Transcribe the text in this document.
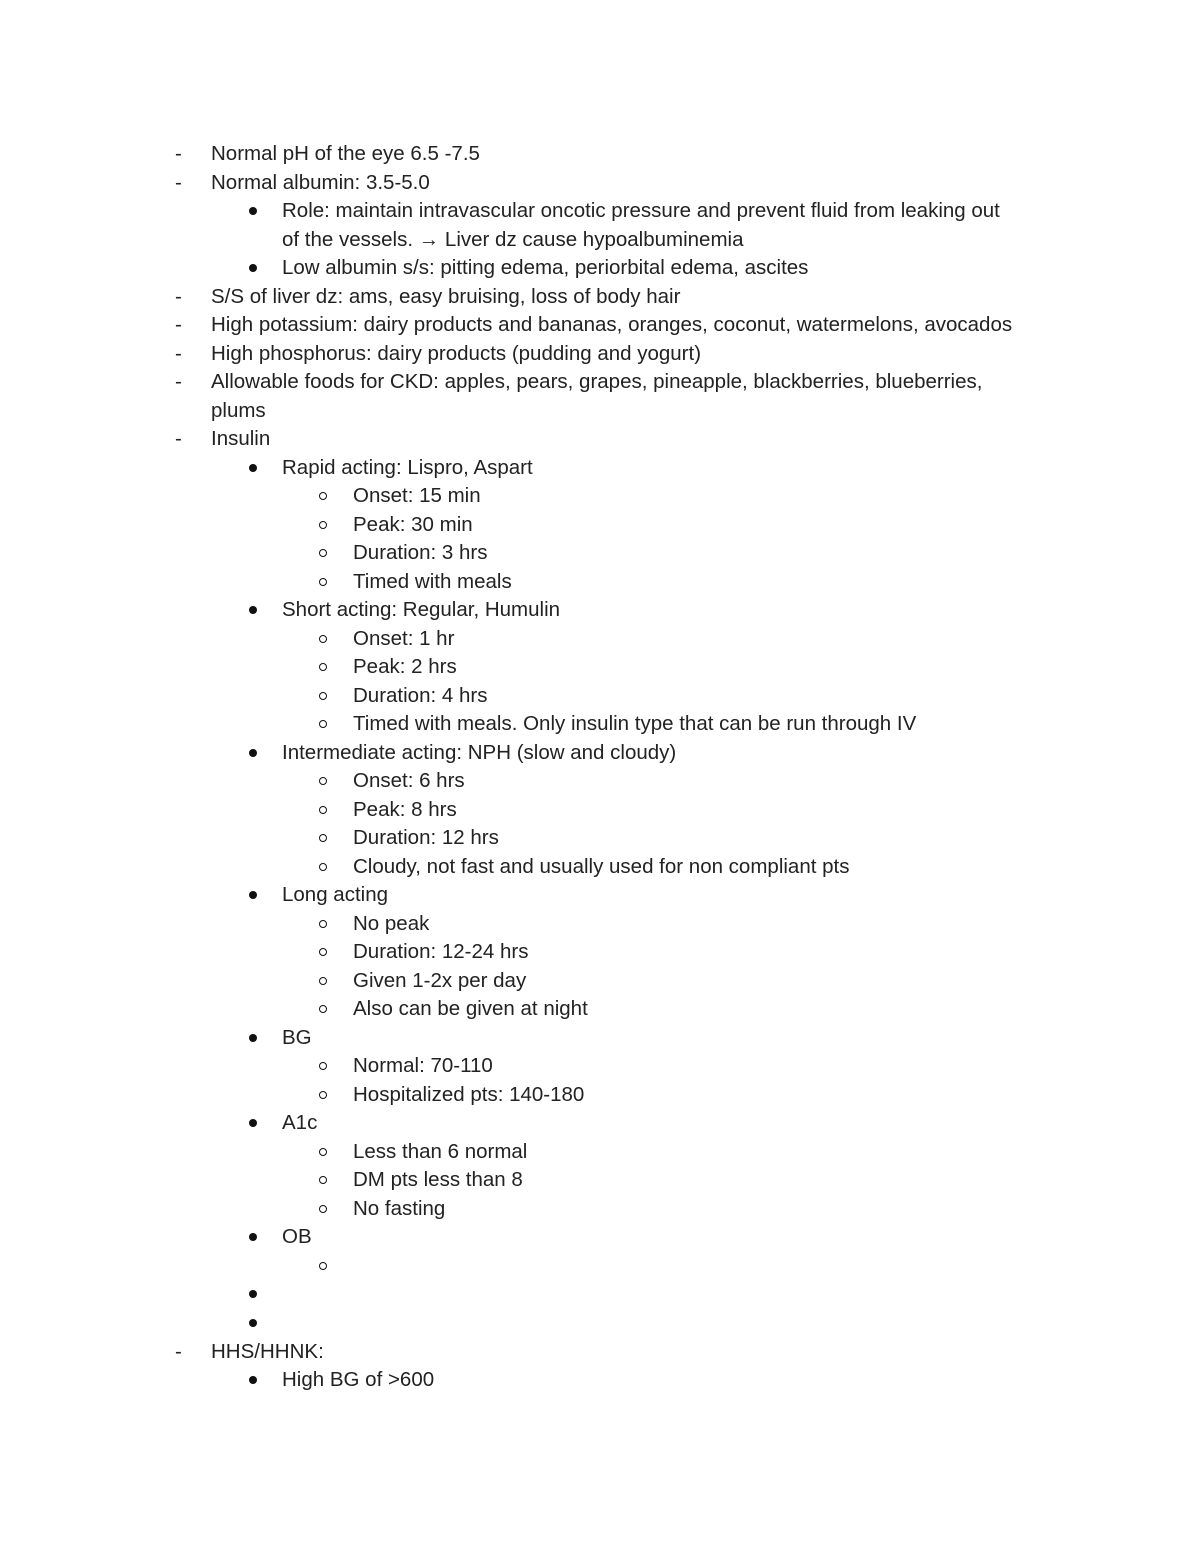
- Normal pH of the eye 6.5 -7.5
- Normal albumin: 3.5-5.0
Role: maintain intravascular oncotic pressure and prevent fluid from leaking out
of the vessels. → Liver dz cause hypoalbuminemia
Low albumin s/s: pitting edema, periorbital edema, ascites
- S/S of liver dz: ams, easy bruising, loss of body hair
- High potassium: dairy products and bananas, oranges, coconut, watermelons, avocados
- High phosphorus: dairy products (pudding and yogurt)
- Allowable foods for CKD: apples, pears, grapes, pineapple, blackberries, blueberries,
plums
- Insulin
Rapid acting: Lispro, Aspart
Onset: 15 min
Peak: 30 min
Duration: 3 hrs
Timed with meals
Short acting: Regular, Humulin
Onset: 1 hr
Peak: 2 hrs
Duration: 4 hrs
Timed with meals. Only insulin type that can be run through IV
Intermediate acting: NPH (slow and cloudy)
Onset: 6 hrs
Peak: 8 hrs
Duration: 12 hrs
Cloudy, not fast and usually used for non compliant pts
Long acting
No peak
Duration: 12-24 hrs
Given 1-2x per day
Also can be given at night
BG
Normal: 70-110
Hospitalized pts: 140-180
A1c
Less than 6 normal
DM pts less than 8
No fasting
OB
- HHS/HHNK:
High BG of >600
